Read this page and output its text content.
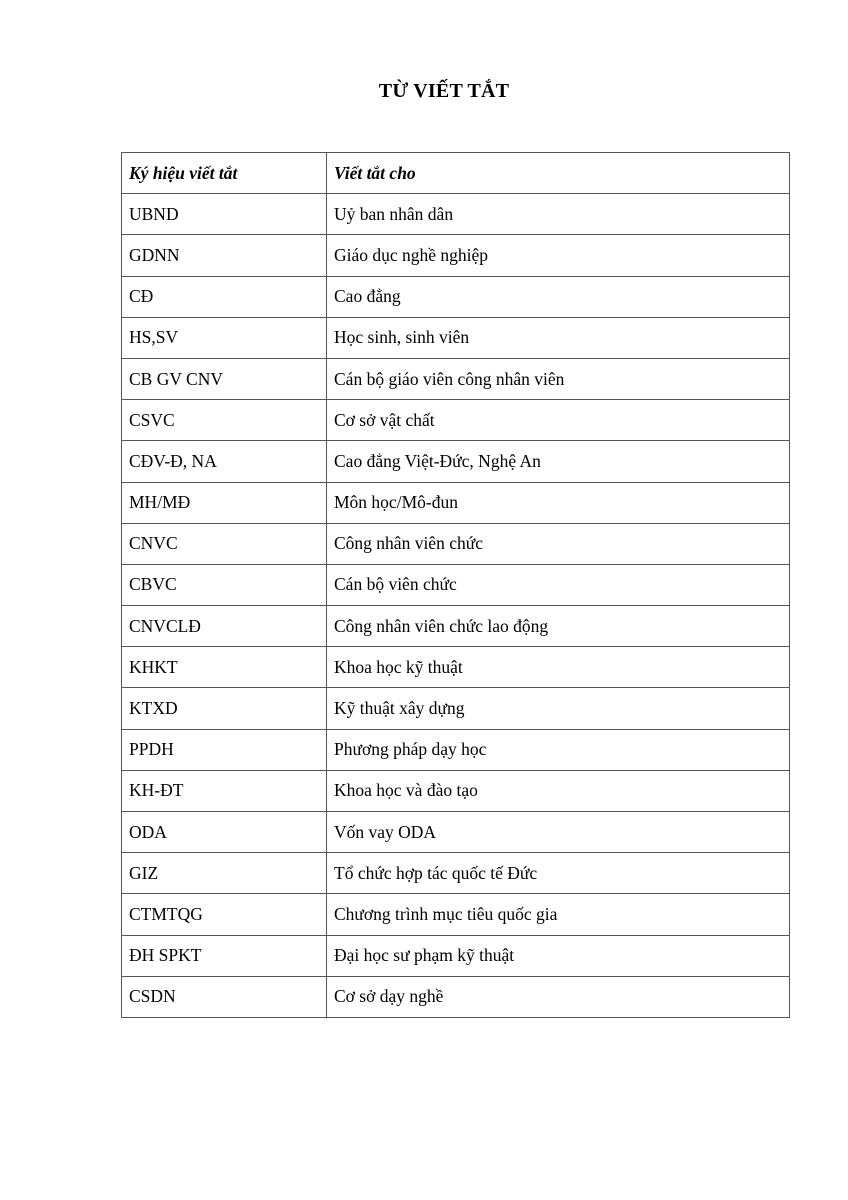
TỪ VIẾT TẮT
Ký hiệu viết tắt	Viết tắt cho
UBND	Uỷ ban nhân dân
GDNN	Giáo dục nghề nghiệp
CĐ	Cao đẳng
HS,SV	Học sinh, sinh viên
CB GV CNV	Cán bộ giáo viên công nhân viên
CSVC	Cơ sở vật chất
CĐV-Đ, NA	Cao đẳng Việt-Đức, Nghệ An
MH/MĐ	Môn học/Mô-đun
CNVC	Công nhân viên chức
CBVC	Cán bộ viên chức
CNVCLĐ	Công nhân viên chức lao động
KHKT	Khoa học kỹ thuật
KTXD	Kỹ thuật xây dựng
PPDH	Phương pháp dạy học
KH-ĐT	Khoa học và đào tạo
ODA	Vốn vay ODA
GIZ	Tổ chức hợp tác quốc tế Đức
CTMTQG	Chương trình mục tiêu quốc gia
ĐH SPKT	Đại học sư phạm kỹ thuật
CSDN	Cơ sở dạy nghề
